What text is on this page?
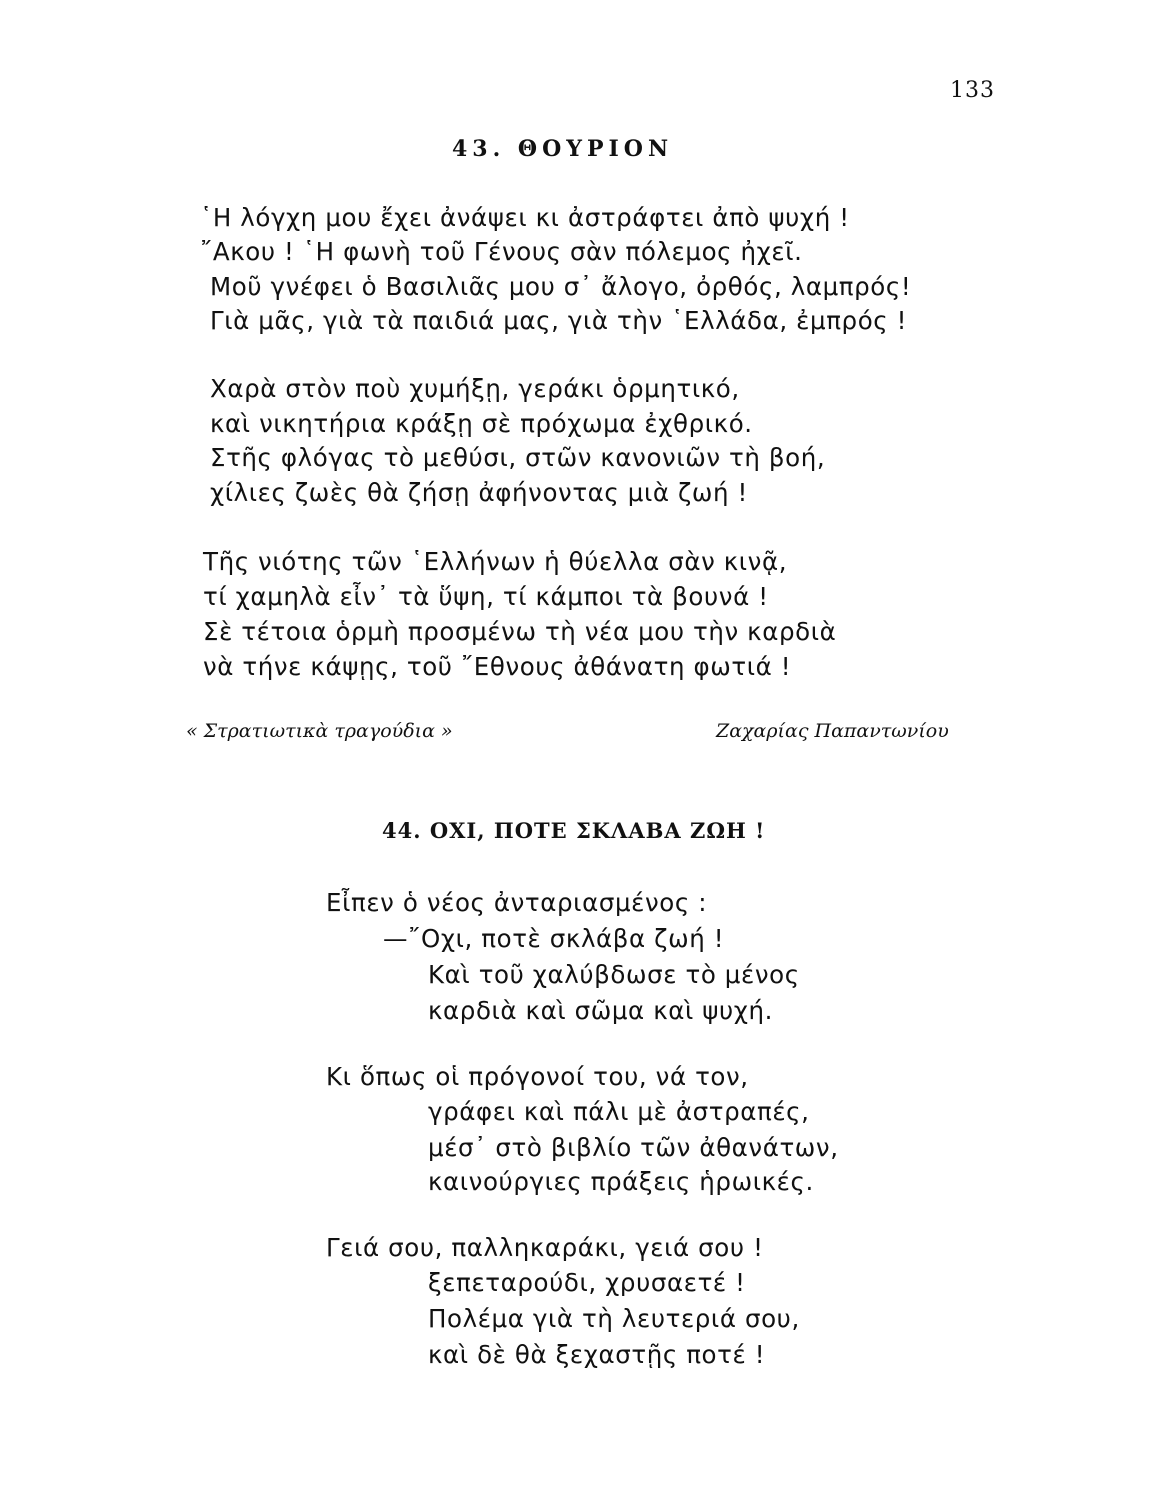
133
43. ΘΟΥΡΙΟΝ
῾Η λόγχη μου ἔχει ἀνάψει κι ἀστράφτει ἀπὸ ψυχή !
῎Ακου ! ῾Η φωνὴ τοῦ Γένους σὰν πόλεμος ἠχεῖ.
Μοῦ γνέφει ὁ Βασιλιᾶς μου σ᾿ ἄλογο, ὀρθός, λαμπρός!
Γιὰ μᾶς, γιὰ τὰ παιδιά μας, γιὰ τὴν ῾Ελλάδα, ἐμπρός !
Χαρὰ στὸν ποὺ χυμήξῃ, γεράκι ὁρμητικό,
καὶ νικητήρια κράξῃ σὲ πρόχωμα ἐχθρικό.
Στῆς φλόγας τὸ μεθύσι, στῶν κανονιῶν τὴ βοή,
χίλιες ζωὲς θὰ ζήσῃ ἀφήνοντας μιὰ ζωή !
Τῆς νιότης τῶν ῾Ελλήνων ἡ θύελλα σὰν κινᾷ,
τί χαμηλὰ εἶν᾿ τὰ ὕψη, τί κάμποι τὰ βουνά !
Σὲ τέτοια ὁρμὴ προσμένω τὴ νέα μου τὴν καρδιὰ
νὰ τήνε κάψῃς, τοῦ ῎Εθνους ἀθάνατη φωτιά !
« Στρατιωτικὰ τραγούδια »	Ζαχαρίας Παπαντωνίου
44. ΟΧΙ, ΠΟΤΕ ΣΚΛΑΒΑ ΖΩΗ !
Εἶπεν ὁ νέος ἀνταριασμένος :
—῎Οχι, ποτὲ σκλάβα ζωή !
Καὶ τοῦ χαλύβδωσε τὸ μένος
καρδιὰ καὶ σῶμα καὶ ψυχή.
Κι ὅπως οἱ πρόγονοί του, νά τον,
γράφει καὶ πάλι μὲ ἀστραπές,
μέσ᾿ στὸ βιβλίο τῶν ἀθανάτων,
καινούργιες πράξεις ἡρωικές.
Γειά σου, παλληκαράκι, γειά σου !
ξεπεταρούδι, χρυσαετέ !
Πολέμα γιὰ τὴ λευτεριά σου,
καὶ δὲ θὰ ξεχαστῇς ποτέ !
